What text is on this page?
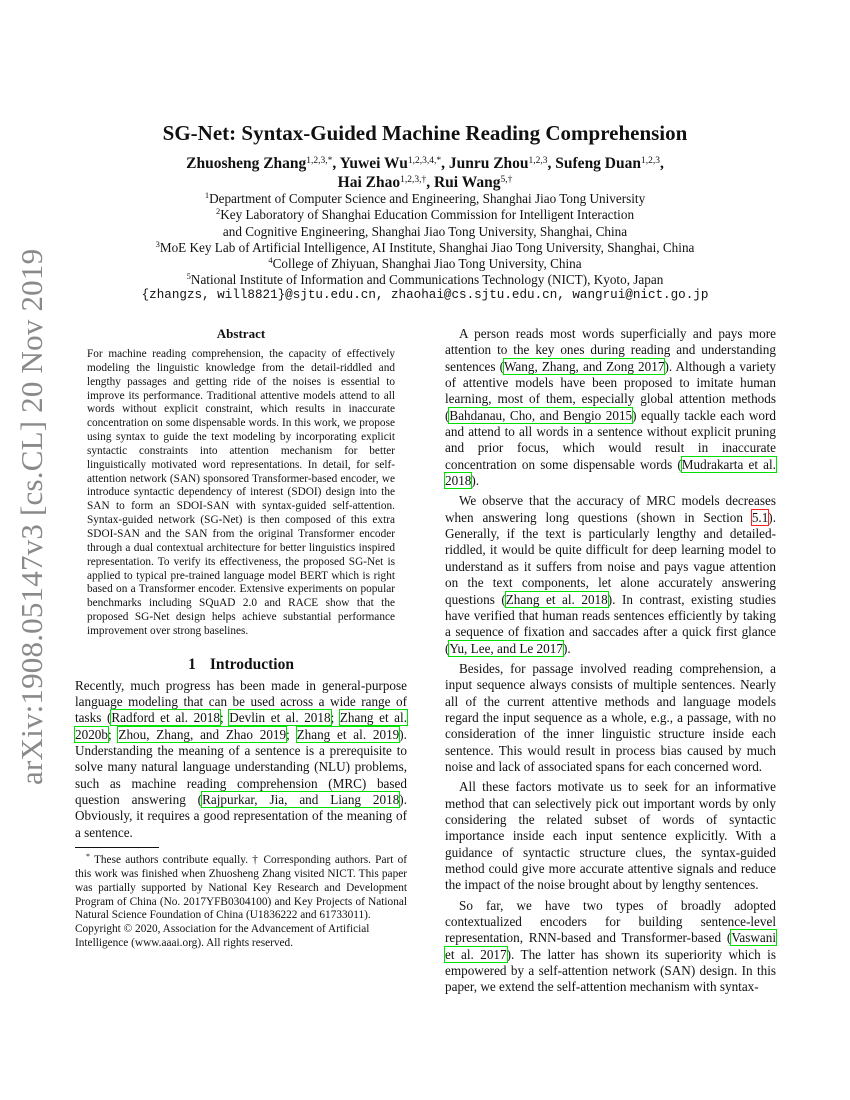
arXiv:1908.05147v3 [cs.CL] 20 Nov 2019
SG-Net: Syntax-Guided Machine Reading Comprehension
Zhuosheng Zhang$^{1,2,3,*}$, Yuwei $Wu^{1,2,3,4,*}$, Junru Zhou$^{1,2,3}$, Sufeng Duan$^{1,2,3}$,
Hai Zhao$^{1,2,3,\dagger}$, Rui Wang$^{5,\dagger}$
$^1$Department of Computer Science and Engineering, Shanghai Jiao Tong University
$^2$Key Laboratory of Shanghai Education Commission for Intelligent Interaction
and Cognitive Engineering, Shanghai Jiao Tong University, Shanghai, China
$^3$MoE Key Lab of Artificial Intelligence, AI Institute, Shanghai Jiao Tong University, Shanghai, China
$^4$College of Zhiyuan, Shanghai Jiao Tong University, China
$^5$National Institute of Information and Communications Technology (NICT), Kyoto, Japan
{zhangzs, will8821}@sjtu.edu.cn, zhaohai@cs.sjtu.edu.cn, wangrui@nict.go.jp
Abstract
For machine reading comprehension, the capacity of effectively modeling the linguistic knowledge from the detail-riddled and lengthy passages and getting ride of the noises is essential to improve its performance. Traditional attentive models attend to all words without explicit constraint, which results in inaccurate concentration on some dispensable words. In this work, we propose using syntax to guide the text modeling by incorporating explicit syntactic constraints into attention mechanism for better linguistically motivated word representations. In detail, for self-attention network (SAN) sponsored Transformer-based encoder, we introduce syntactic dependency of interest (SDOI) design into the SAN to form an SDOI-SAN with syntax-guided self-attention. Syntax-guided network (SG-Net) is then composed of this extra SDOI-SAN and the SAN from the original Transformer encoder through a dual contextual architecture for better linguistics inspired representation. To verify its effectiveness, the proposed SG-Net is applied to typical pre-trained language model BERT which is right based on a Transformer encoder. Extensive experiments on popular benchmarks including SQuAD 2.0 and RACE show that the proposed SG-Net design helps achieve substantial performance improvement over strong baselines.
1 Introduction

Recently, much progress has been made in general-purpose language modeling that can be used across a wide range of tasks (Radford et al. 2018; Devlin et al. 2018; Zhang et al. 2020b; Zhou, Zhang, and Zhao 2019; Zhang et al. 2019). Understanding the meaning of a sentence is a prerequisite to solve many natural language understanding (NLU) problems, such as machine reading comprehension (MRC) based question answering (Rajpurkar, Jia, and Liang 2018). Obviously, it requires a good representation of the meaning of a sentence.

* These authors contribute equally. † Corresponding authors. Part of this work was finished when Zhuosheng Zhang visited NICT. This paper was partially supported by National Key Research and Development Program of China (No. 2017YFB0304100) and Key Projects of National Natural Science Foundation of China (U1836222 and 61733011).

Copyright © 2020, Association for the Advancement of Artificial Intelligence (www.aaai.org). All rights reserved.

A person reads most words superficially and pays more attention to the key ones during reading and understanding sentences (Wang, Zhang, and Zong 2017). Although a variety of attentive models have been proposed to imitate human learning, most of them, especially global attention methods (Bahdanau, Cho, and Bengio 2015) equally tackle each word and attend to all words in a sentence without explicit pruning and prior focus, which would result in inaccurate concentration on some dispensable words (Mudrakarta et al. 2018).

We observe that the accuracy of MRC models decreases when answering long questions (shown in Section 5.1). Generally, if the text is particularly lengthy and detailed-riddled, it would be quite difficult for deep learning model to understand as it suffers from noise and pays vague attention on the text components, let alone accurately answering questions (Zhang et al. 2018). In contrast, existing studies have verified that human reads sentences efficiently by taking a sequence of fixation and saccades after a quick first glance (Yu, Lee, and Le 2017).

Besides, for passage involved reading comprehension, a input sequence always consists of multiple sentences. Nearly all of the current attentive methods and language models regard the input sequence as a whole, e.g., a passage, with no consideration of the inner linguistic structure inside each sentence. This would result in process bias caused by much noise and lack of associated spans for each concerned word.

All these factors motivate us to seek for an informative method that can selectively pick out important words by only considering the related subset of words of syntactic importance inside each input sentence explicitly. With a guidance of syntactic structure clues, the syntax-guided method could give more accurate attentive signals and reduce the impact of the noise brought about by lengthy sentences.

So far, we have two types of broadly adopted contextualized encoders for building sentence-level representation, RNN-based and Transformer-based (Vaswani et al. 2017). The latter has shown its superiority which is empowered by a self-attention network (SAN) design. In this paper, we extend the self-attention mechanism with syntax-
